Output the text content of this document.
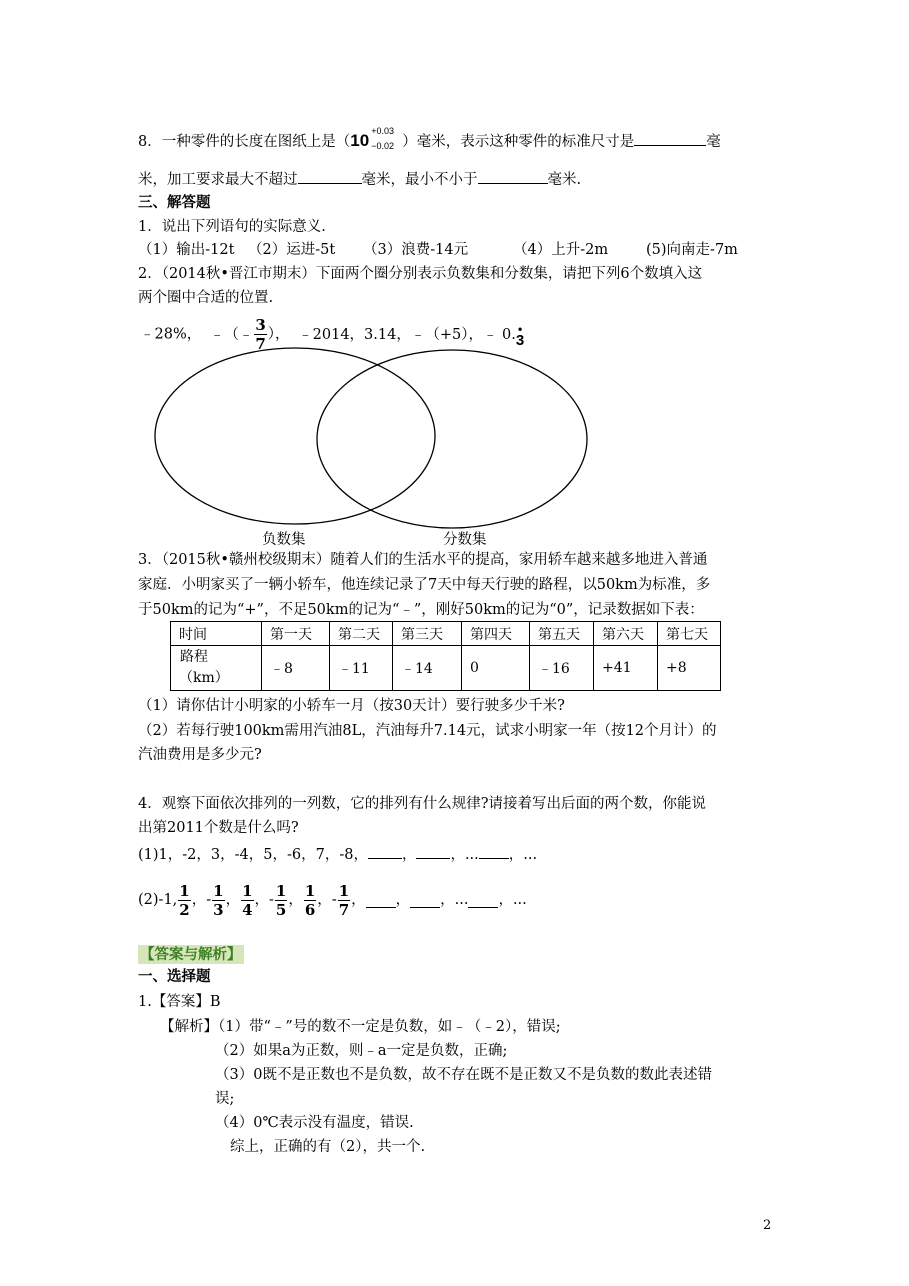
8．一种零件的长度在图纸上是（ 10 +0.03
−0.02 ）毫米，表示这种零件的标准尺寸是	毫
米，加工要求最大不超过	毫米，最小不小于	毫米.
三、解答题
1．说出下列语句的实际意义.
（1）输出-12t （2）运进-5t （3）浪费-14元	（4）上升-2m	(5)向南走-7m
2．（2014秋•晋江市期末）下面两个圈分别表示负数集和分数集，请把下列6个数填入这
两个圈中合适的位置.
﹣28%， ﹣（﹣ $\frac{3}{7}$ ）， ﹣2014，3.14，﹣（+5），﹣ 0. •
3
负数集	分数集
3．（2015秋•赣州校级期末）随着人们的生活水平的提高，家用轿车越来越多地进入普通
家庭．小明家买了一辆小轿车，他连续记录了7天中每天行驶的路程，以50km为标准，多
于50km的记为“+”，不足50km的记为“﹣”，刚好50km的记为“0”，记录数据如下表：
时间	第一天	第二天	第三天	第四天	第五天	第六天	第七天
路程
（km）	﹣8	﹣11	﹣14	0	﹣16	+41	+8
（1）请你估计小明家的小轿车一月（按30天计）要行驶多少千米?
（2）若每行驶100km需用汽油8L，汽油每升7.14元，试求小明家一年（按12个月计）的
汽油费用是多少元?
4．观察下面依次排列的一列数，它的排列有什么规律?请接着写出后面的两个数，你能说
出第2011个数是什么吗?
(1)1，-2，3，-4，5，-6，7，-8， ， ，... ，...
(2)-1, $\frac{1}{2}$ ，- $\frac{1}{3}$ ， $\frac{1}{4}$ ，- $\frac{1}{5}$ ， $\frac{1}{6}$ ，- $\frac{1}{7}$ ， ， ，... ，...
【答案与解析】
一、选择题
1.【答案】B
【解析】（1）带“﹣”号的数不一定是负数，如﹣（﹣2），错误;
（2）如果a为正数，则﹣a一定是负数，正确;
（3）0既不是正数也不是负数，故不存在既不是正数又不是负数的数此表述错
误;
（4）0℃表示没有温度，错误.
综上，正确的有（2），共一个.
2
